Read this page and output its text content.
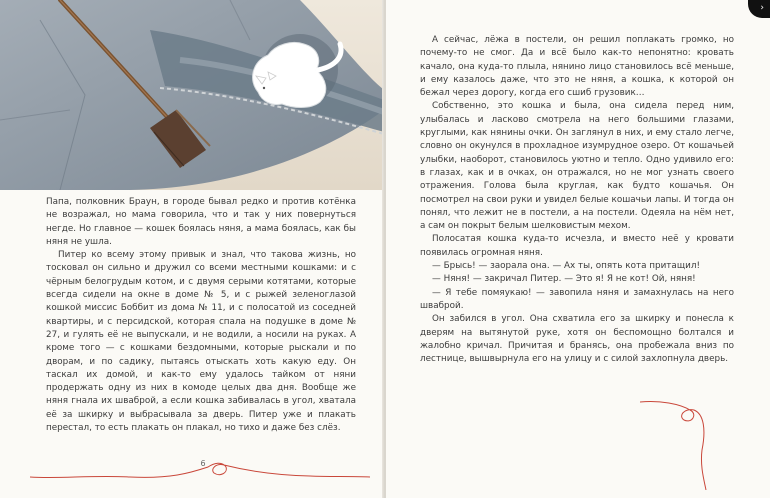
Папа, полковник Браун, в городе бывал редко и против котёнка не возражал, но мама говорила, что и так у них повернуться негде. Но главное — кошек боялась няня, а мама боялась, как бы няня не ушла.

Питер ко всему этому привык и знал, что такова жизнь, но тосковал он сильно и дружил со всеми местными кошками: и с чёрным белогрудым котом, и с двумя серыми котятами, которые всегда сидели на окне в доме № 5, и с рыжей зеленоглазой кошкой миссис Боббит из дома № 11, и с полосатой из соседней квартиры, и с персидской, которая спала на подушке в доме № 27, и гулять её не выпускали, и не водили, а носили на руках. А кроме того — с кошками бездомными, которые рыскали и по дворам, и по садику, пытаясь отыскать хоть какую еду. Он таскал их домой, и как-то ему удалось тайком от няни продержать одну из них в комоде целых два дня. Вообще же няня гнала их шваброй, а если кошка забивалась в угол, хватала её за шкирку и выбрасывала за дверь. Питер уже и плакать перестал, то есть плакать он плакал, но тихо и даже без слёз.

6

А сейчас, лёжа в постели, он решил поплакать громко, но почему-то не смог. Да и всё было как-то непонятно: кровать качало, она куда-то плыла, нянино лицо становилось всё меньше, и ему казалось даже, что это не няня, а кошка, к которой он бежал через дорогу, когда его сшиб грузовик…

Собственно, это кошка и была, она сидела перед ним, улыбалась и ласково смотрела на него большими глазами, круглыми, как нянины очки. Он заглянул в них, и ему стало легче, словно он окунулся в прохладное изумрудное озеро. От кошачьей улыбки, наоборот, становилось уютно и тепло. Одно удивило его: в глазах, как и в очках, он отражался, но не мог узнать своего отражения. Голова была круглая, как будто кошачья. Он посмотрел на свои руки и увидел белые кошачьи лапы. И тогда он понял, что лежит не в постели, а на постели. Одеяла на нём нет, а сам он покрыт белым шелковистым мехом.

Полосатая кошка куда-то исчезла, и вместо неё у кровати появилась огромная няня.

— Брысь! — заорала она. — Ах ты, опять кота притащил!

— Няня! — закричал Питер. — Это я! Я не кот! Ой, няня!

— Я тебе помяукаю! — завопила няня и замахнулась на него шваброй.

Он забился в угол. Она схватила его за шкирку и понесла к дверям на вытянутой руке, хотя он беспомощно болтался и жалобно кричал. Причитая и бранясь, она пробежала вниз по лестнице, вышвырнула его на улицу и с силой захлопнула дверь.

›
